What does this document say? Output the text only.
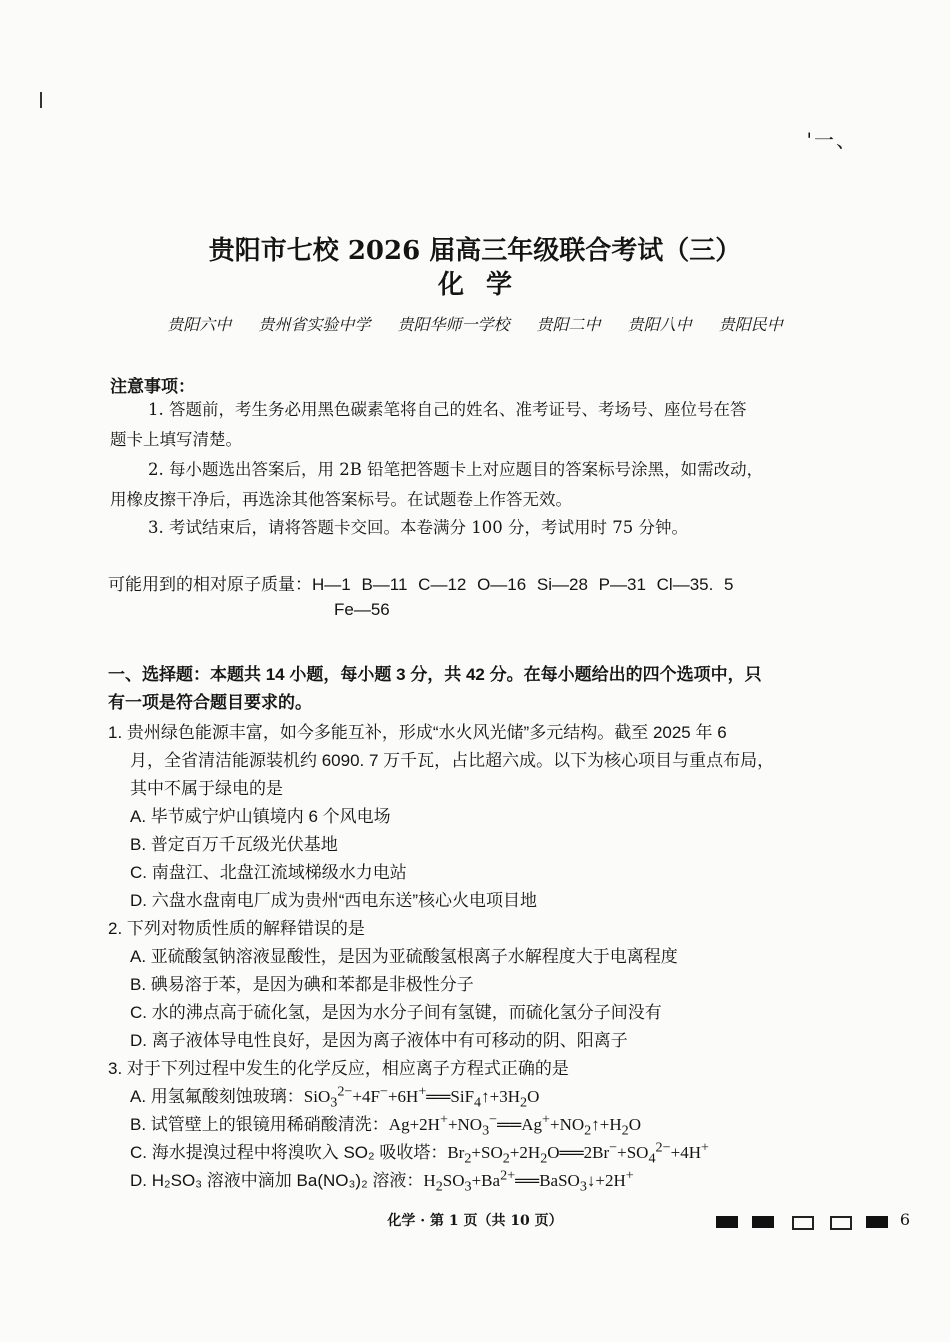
'一、
贵阳市七校 2026 届高三年级联合考试（三）
化学
贵阳六中 贵州省实验中学 贵阳华师一学校 贵阳二中 贵阳八中 贵阳民中
注意事项：
1. 答题前，考生务必用黑色碳素笔将自己的姓名、准考证号、考场号、座位号在答
题卡上填写清楚。
2. 每小题选出答案后，用 2B 铅笔把答题卡上对应题目的答案标号涂黑，如需改动，
用橡皮擦干净后，再选涂其他答案标号。在试题卷上作答无效。
3. 考试结束后，请将答题卡交回。本卷满分 100 分，考试用时 75 分钟。
可能用到的相对原子质量：H—1 B—11 C—12 O—16 Si—28 P—31 Cl—35. 5
Fe—56
一、选择题：本题共 14 小题，每小题 3 分，共 42 分。在每小题给出的四个选项中，只
有一项是符合题目要求的。
1. 贵州绿色能源丰富，如今多能互补，形成“水火风光储”多元结构。截至 2025 年 6
月，全省清洁能源装机约 6090. 7 万千瓦，占比超六成。以下为核心项目与重点布局，
其中不属于绿电的是
A. 毕节威宁炉山镇境内 6 个风电场
B. 普定百万千瓦级光伏基地
C. 南盘江、北盘江流域梯级水力电站
D. 六盘水盘南电厂成为贵州“西电东送”核心火电项目地
2. 下列对物质性质的解释错误的是
A. 亚硫酸氢钠溶液显酸性，是因为亚硫酸氢根离子水解程度大于电离程度
B. 碘易溶于苯，是因为碘和苯都是非极性分子
C. 水的沸点高于硫化氢，是因为水分子间有氢键，而硫化氢分子间没有
D. 离子液体导电性良好，是因为离子液体中有可移动的阴、阳离子
3. 对于下列过程中发生的化学反应，相应离子方程式正确的是
A. 用氢氟酸刻蚀玻璃：$SiO_3^{2-}+4F^-+6H^+══SiF_4↑+3H_2O$
B. 试管壁上的银镜用稀硝酸清洗：$Ag+2H^++NO_3^-══Ag^++NO_2↑+H_2O$
C. 海水提溴过程中将溴吹入 SO₂ 吸收塔：$Br_2+SO_2+2H_2O══2Br^-+SO_4^{2-}+4H^+$
D. H₂SO₃ 溶液中滴加 Ba(NO₃)₂ 溶液：$H_2SO_3+Ba^{2+}══BaSO_3↓+2H^+$
化学 · 第 1 页（共 10 页）	6
